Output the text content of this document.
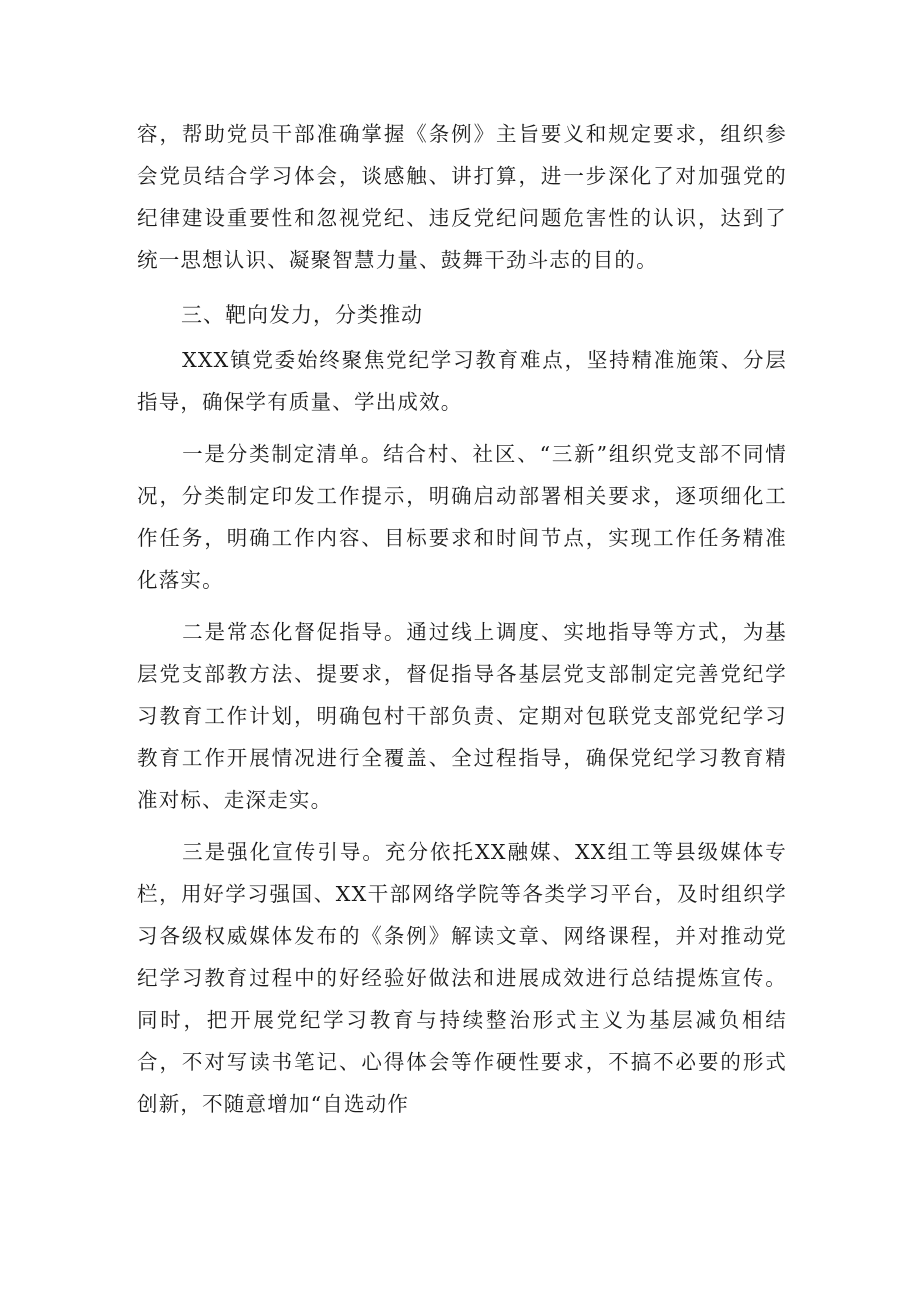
容，帮助党员干部准确掌握《条例》主旨要义和规定要求，组织参会党员结合学习体会，谈感触、讲打算，进一步深化了对加强党的纪律建设重要性和忽视党纪、违反党纪问题危害性的认识，达到了统一思想认识、凝聚智慧力量、鼓舞干劲斗志的目的。

三、靶向发力，分类推动

XXX镇党委始终聚焦党纪学习教育难点，坚持精准施策、分层指导，确保学有质量、学出成效。

一是分类制定清单。结合村、社区、“三新”组织党支部不同情况，分类制定印发工作提示，明确启动部署相关要求，逐项细化工作任务，明确工作内容、目标要求和时间节点，实现工作任务精准化落实。

二是常态化督促指导。通过线上调度、实地指导等方式，为基层党支部教方法、提要求，督促指导各基层党支部制定完善党纪学习教育工作计划，明确包村干部负责、定期对包联党支部党纪学习教育工作开展情况进行全覆盖、全过程指导，确保党纪学习教育精准对标、走深走实。

三是强化宣传引导。充分依托XX融媒、XX组工等县级媒体专栏，用好学习强国、XX干部网络学院等各类学习平台，及时组织学习各级权威媒体发布的《条例》解读文章、网络课程，并对推动党纪学习教育过程中的好经验好做法和进展成效进行总结提炼宣传。同时，把开展党纪学习教育与持续整治形式主义为基层减负相结合，不对写读书笔记、心得体会等作硬性要求，不搞不必要的形式创新，不随意增加“自选动作
